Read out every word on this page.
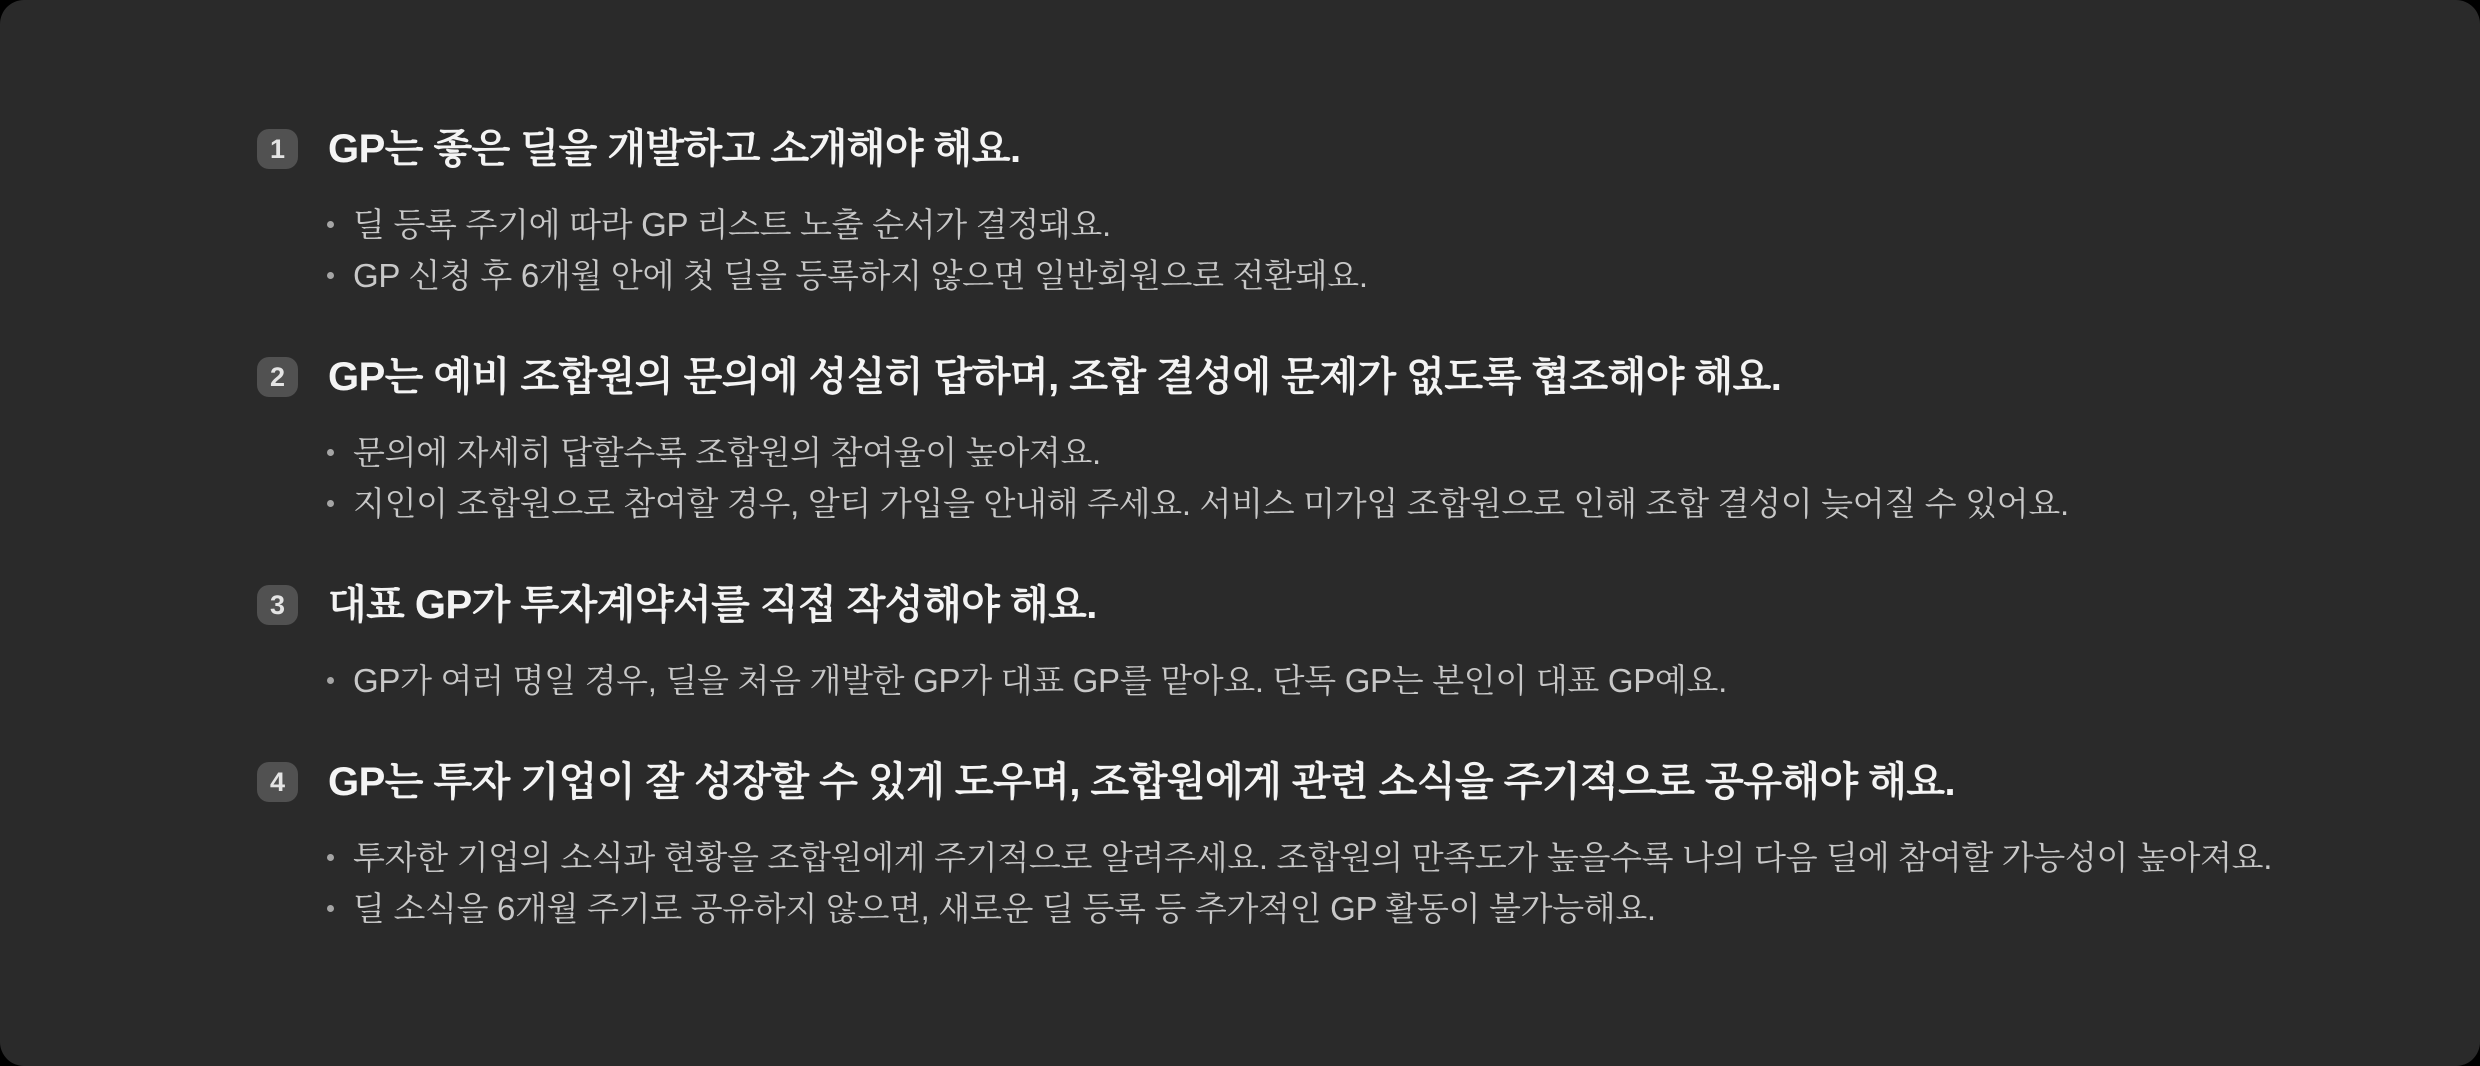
1	GP는 좋은 딜을 개발하고 소개해야 해요.
딜 등록 주기에 따라 GP 리스트 노출 순서가 결정돼요.
GP 신청 후 6개월 안에 첫 딜을 등록하지 않으면 일반회원으로 전환돼요.
2	GP는 예비 조합원의 문의에 성실히 답하며, 조합 결성에 문제가 없도록 협조해야 해요.
문의에 자세히 답할수록 조합원의 참여율이 높아져요.
지인이 조합원으로 참여할 경우, 알티 가입을 안내해 주세요. 서비스 미가입 조합원으로 인해 조합 결성이 늦어질 수 있어요.
3	대표 GP가 투자계약서를 직접 작성해야 해요.
GP가 여러 명일 경우, 딜을 처음 개발한 GP가 대표 GP를 맡아요. 단독 GP는 본인이 대표 GP예요.
4	GP는 투자 기업이 잘 성장할 수 있게 도우며, 조합원에게 관련 소식을 주기적으로 공유해야 해요.
투자한 기업의 소식과 현황을 조합원에게 주기적으로 알려주세요. 조합원의 만족도가 높을수록 나의 다음 딜에 참여할 가능성이 높아져요.
딜 소식을 6개월 주기로 공유하지 않으면, 새로운 딜 등록 등 추가적인 GP 활동이 불가능해요.
